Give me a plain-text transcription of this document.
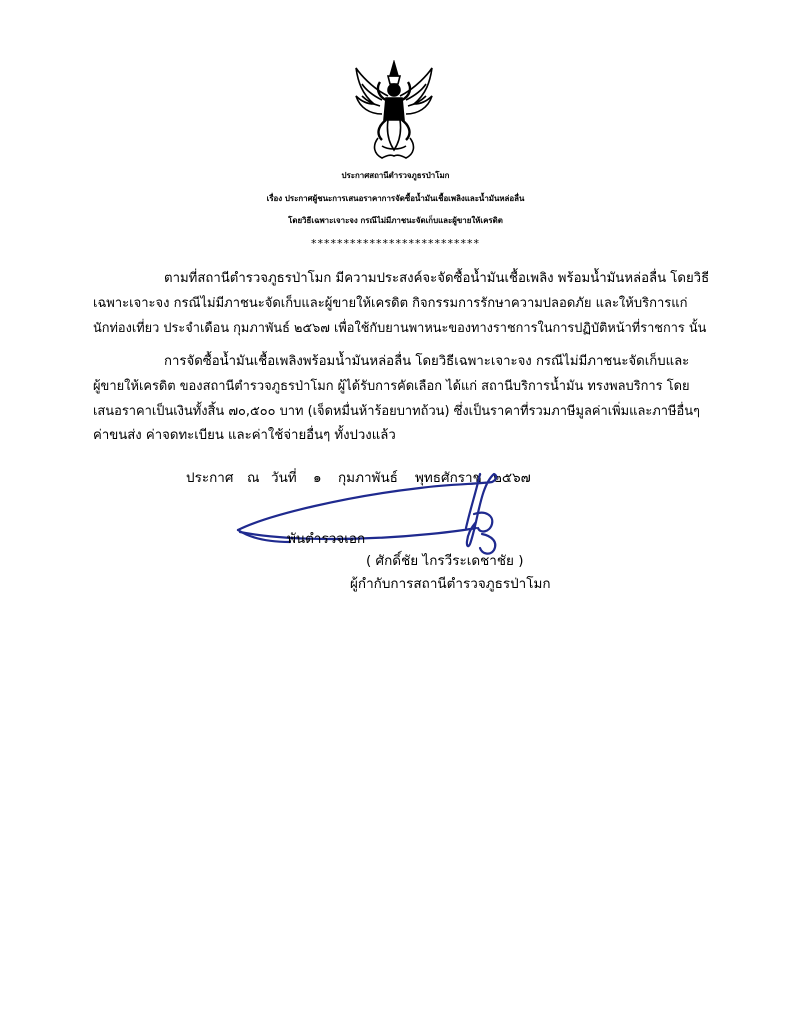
ประกาศสถานีตำรวจภูธรป่าโมก
เรื่อง ประกาศผู้ชนะการเสนอราคาการจัดซื้อน้ำมันเชื้อเพลิงและน้ำมันหล่อลื่น
โดยวิธีเฉพาะเจาะจง กรณีไม่มีภาชนะจัดเก็บและผู้ขายให้เครดิต
**************************
ตามที่สถานีตำรวจภูธรป่าโมก มีความประสงค์จะจัดซื้อน้ำมันเชื้อเพลิง พร้อมน้ำมันหล่อลื่น โดยวิธี
เฉพาะเจาะจง กรณีไม่มีภาชนะจัดเก็บและผู้ขายให้เครดิต กิจกรรมการรักษาความปลอดภัย และให้บริการแก่
นักท่องเที่ยว ประจำเดือน กุมภาพันธ์ ๒๕๖๗ เพื่อใช้กับยานพาหนะของทางราชการในการปฏิบัติหน้าที่ราชการ นั้น
การจัดซื้อน้ำมันเชื้อเพลิงพร้อมน้ำมันหล่อลื่น โดยวิธีเฉพาะเจาะจง กรณีไม่มีภาชนะจัดเก็บและ
ผู้ขายให้เครดิต ของสถานีตำรวจภูธรป่าโมก ผู้ได้รับการคัดเลือก ได้แก่ สถานีบริการน้ำมัน ทรงพลบริการ โดย
เสนอราคาเป็นเงินทั้งสิ้น ๗๐,๕๐๐ บาท (เจ็ดหมื่นห้าร้อยบาทถ้วน) ซึ่งเป็นราคาที่รวมภาษีมูลค่าเพิ่มและภาษีอื่นๆ
ค่าขนส่ง ค่าจดทะเบียน และค่าใช้จ่ายอื่นๆ ทั้งปวงแล้ว
ประกาศ ณ วันที่ ๑ กุมภาพันธ์ พุทธศักราช ๒๕๖๗
พันตำรวจเอก
( ศักดิ์ชัย ไกรวีระเดชาชัย )
ผู้กำกับการสถานีตำรวจภูธรป่าโมก
